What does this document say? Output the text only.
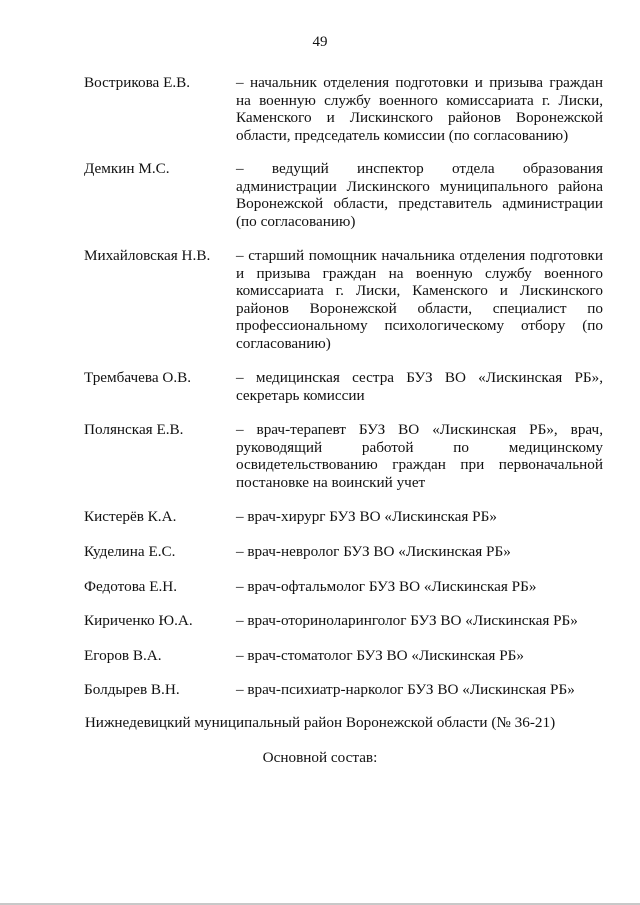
49
Вострикова Е.В.	– начальник отделения подготовки и призыва граждан на военную службу военного комиссариата г. Лиски, Каменского и Лискинского районов Воронежской области, председатель комиссии (по согласованию)
Демкин М.С.	– ведущий инспектор отдела образования администрации Лискинского муниципального района Воронежской области, представитель администрации (по согласованию)
Михайловская Н.В.	– старший помощник начальника отделения подготовки и призыва граждан на военную службу военного комиссариата г. Лиски, Каменского и Лискинского районов Воронежской области, специалист по профессиональному психологическому отбору (по согласованию)
Трембачева О.В.	– медицинская сестра БУЗ ВО «Лискинская РБ», секретарь комиссии
Полянская Е.В.	– врач-терапевт БУЗ ВО «Лискинская РБ», врач, руководящий работой по медицинскому освидетельствованию граждан при первоначальной постановке на воинский учет
Кистерёв К.А.	– врач-хирург БУЗ ВО «Лискинская РБ»
Куделина Е.С.	– врач-невролог БУЗ ВО «Лискинская РБ»
Федотова Е.Н.	– врач-офтальмолог БУЗ ВО «Лискинская РБ»
Кириченко Ю.А.	– врач-оториноларинголог БУЗ ВО «Лискинская РБ»
Егоров В.А.	– врач-стоматолог БУЗ ВО «Лискинская РБ»
Болдырев В.Н.	– врач-психиатр-нарколог БУЗ ВО «Лискинская РБ»
Нижнедевицкий муниципальный район Воронежской области (№ 36-21)
Основной состав:
